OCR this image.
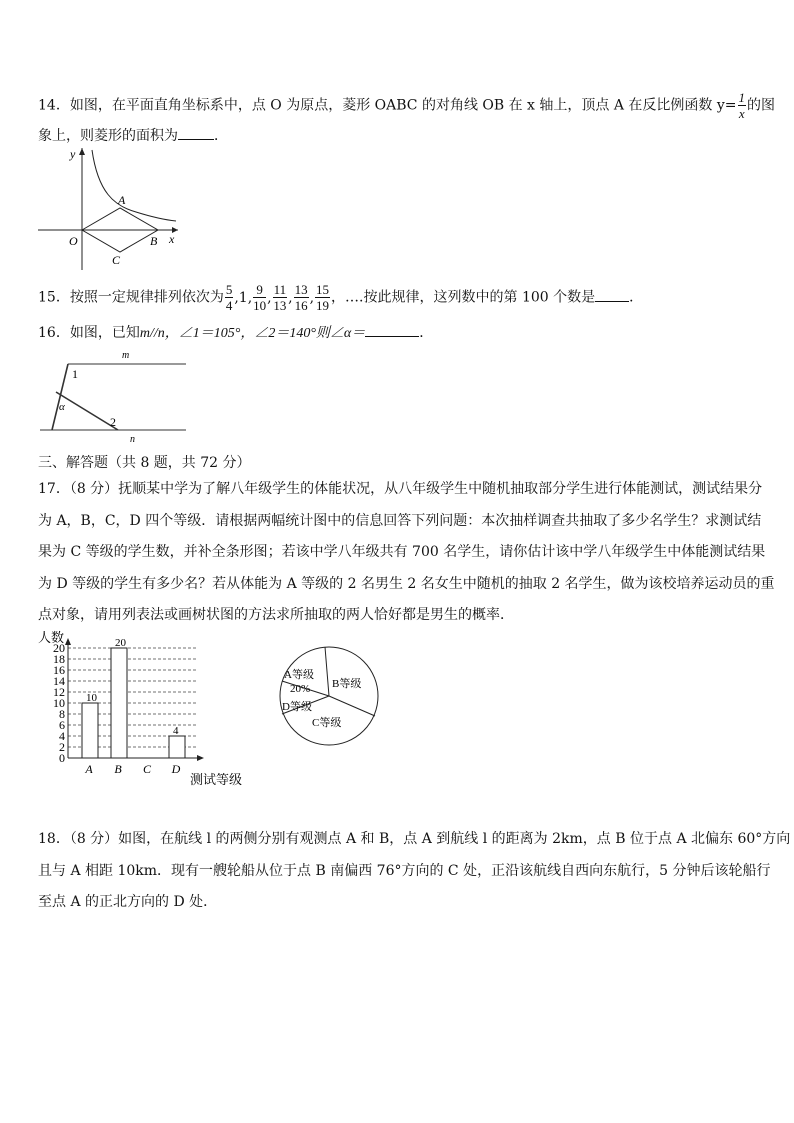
14．如图，在平面直角坐标系中，点 O 为原点，菱形 OABC 的对角线 OB 在 x 轴上，顶点 A 在反比例函数 $y= \frac{1}{x}$ 的图
象上，则菱形的面积为	．
y
x
O
A
B
C
15．按照一定规律排列依次为 $\frac{5}{4} ,1$, $\frac{9}{10}$ , $\frac{11}{13}$ , $\frac{13}{16}$ , $\frac{15}{19}$ ，….按此规律，这列数中的第 100 个数是 ．
16．如图，已知m//n，∠1＝105°，∠2＝140°则∠α＝	．
m
n
1
2
α
三、解答题（共 8 题，共 72 分）
17．（8 分）抚顺某中学为了解八年级学生的体能状况，从八年级学生中随机抽取部分学生进行体能测试，测试结果分
为 A，B，C，D 四个等级．请根据两幅统计图中的信息回答下列问题：本次抽样调查共抽取了多少名学生？求测试结
果为 C 等级的学生数，并补全条形图；若该中学八年级共有 700 名学生，请你估计该中学八年级学生中体能测试结果
为 D 等级的学生有多少名？若从体能为 A 等级的 2 名男生 2 名女生中随机的抽取 2 名学生，做为该校培养运动员的重
点对象，请用列表法或画树状图的方法求所抽取的两人恰好都是男生的概率．
人数
测试等级
10
20
4
0
2
4
6
8
10
12
14
16
18
20
A B C D
A等级
20% B等级
C等级
D等级
18．（8 分）如图，在航线 l 的两侧分别有观测点 A 和 B，点 A 到航线 l 的距离为 2km，点 B 位于点 A 北偏东 60°方向
且与 A 相距 10km．现有一艘轮船从位于点 B 南偏西 76°方向的 C 处，正沿该航线自西向东航行，5 分钟后该轮船行
至点 A 的正北方向的 D 处．
